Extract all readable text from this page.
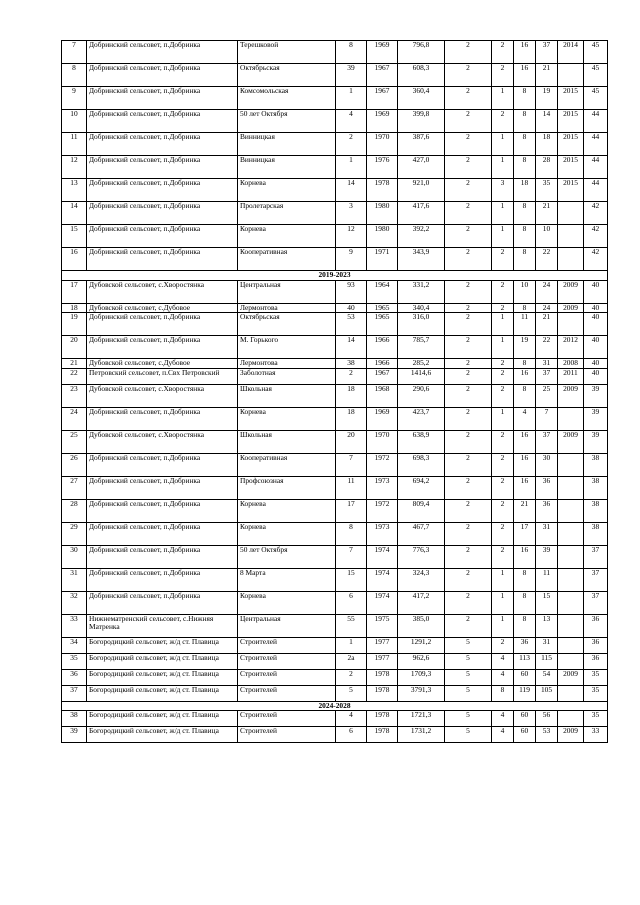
7	Добринский сельсовет, п.Добринка	Терешковой	8	1969	796,8	2	2	16	37	2014	45
8	Добринский сельсовет, п.Добринка	Октябрьская	39	1967	608,3	2	2	16	21		45
9	Добринский сельсовет, п.Добринка	Комсомольская	1	1967	360,4	2	1	8	19	2015	45
10	Добринский сельсовет, п.Добринка	50 лет Октября	4	1969	399,8	2	2	8	14	2015	44
11	Добринский сельсовет, п.Добринка	Винницкая	2	1970	387,6	2	1	8	18	2015	44
12	Добринский сельсовет, п.Добринка	Винницкая	1	1976	427,0	2	1	8	28	2015	44
13	Добринский сельсовет, п.Добринка	Корнева	14	1978	921,0	2	3	18	35	2015	44
14	Добринский сельсовет, п.Добринка	Пролетарская	3	1980	417,6	2	1	8	21		42
15	Добринский сельсовет, п.Добринка	Корнева	12	1980	392,2	2	1	8	10		42
16	Добринский сельсовет, п.Добринка	Кооперативная	9	1971	343,9	2	2	8	22		42
2019-2023											
17	Дубовской сельсовет, с.Хворостянка	Центральная	93	1964	331,2	2	2	10	24	2009	40
18	Дубовской сельсовет, с.Дубовое	Лермонтова	40	1965	340,4	2	2	8	24	2009	40
19	Добринский сельсовет, п.Добринка	Октябрьская	53	1965	316,0	2	1	11	21		40
20	Добринский сельсовет, п.Добринка	М. Горького	14	1966	785,7	2	1	19	22	2012	40
21	Дубовской сельсовет, с.Дубовое	Лермонтова	38	1966	285,2	2	2	8	31	2008	40
22	Петровский сельсовет, п.Свх Петровский	Заболотная	2	1967	1414,6	2	2	16	37	2011	40
23	Дубовской сельсовет, с.Хворостянка	Школьная	18	1968	290,6	2	2	8	25	2009	39
24	Добринский сельсовет, п.Добринка	Корнева	18	1969	423,7	2	1	4	7		39
25	Дубовской сельсовет, с.Хворостянка	Школьная	20	1970	638,9	2	2	16	37	2009	39
26	Добринский сельсовет, п.Добринка	Кооперативная	7	1972	698,3	2	2	16	30		38
27	Добринский сельсовет, п.Добринка	Профсоюзная	11	1973	694,2	2	2	16	36		38
28	Добринский сельсовет, п.Добринка	Корнева	17	1972	809,4	2	2	21	36		38
29	Добринский сельсовет, п.Добринка	Корнева	8	1973	467,7	2	2	17	31		38
30	Добринский сельсовет, п.Добринка	50 лет Октября	7	1974	776,3	2	2	16	39		37
31	Добринский сельсовет, п.Добринка	8 Марта	15	1974	324,3	2	1	8	11		37
32	Добринский сельсовет, п.Добринка	Корнева	6	1974	417,2	2	1	8	15		37
33	Нижнематренский сельсовет, с.Нижняя Матренка	Центральная	55	1975	385,0	2	1	8	13		36
34	Богородицкий сельсовет, ж/д ст. Плавица	Строителей	1	1977	1291,2	5	2	36	31		36
35	Богородицкий сельсовет, ж/д ст. Плавица	Строителей	2а	1977	962,6	5	4	113	115		36
36	Богородицкий сельсовет, ж/д ст. Плавица	Строителей	2	1978	1709,3	5	4	60	54	2009	35
37	Богородицкий сельсовет, ж/д ст. Плавица	Строителей	5	1978	3791,3	5	8	119	105		35
2024-2028											
38	Богородицкий сельсовет, ж/д ст. Плавица	Строителей	4	1978	1721,3	5	4	60	56		35
39	Богородицкий сельсовет, ж/д ст. Плавица	Строителей	6	1978	1731,2	5	4	60	53	2009	33
